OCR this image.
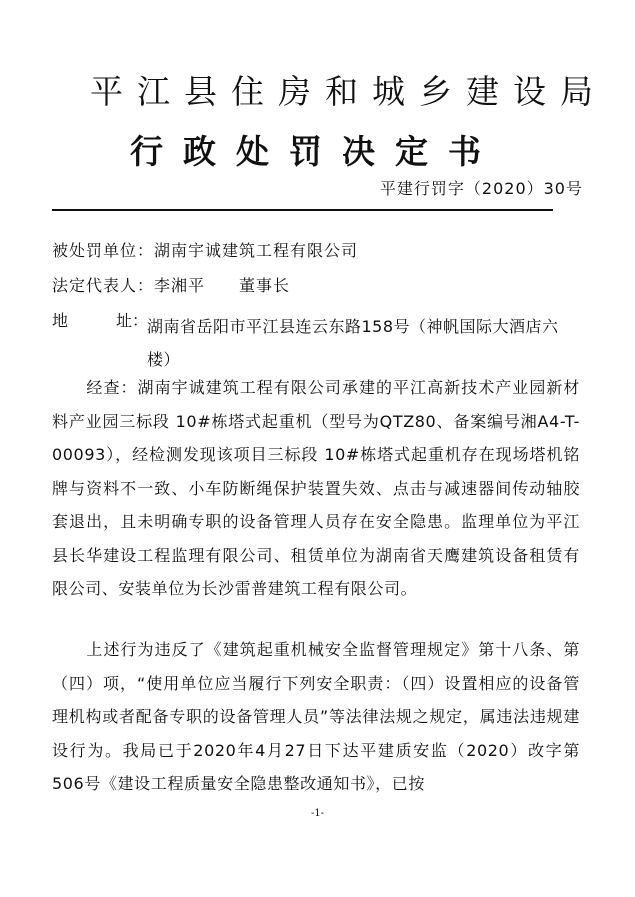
平江县住房和城乡建设局
行政处罚决定书
平建行罚字（2020）30号
被处罚单位：湖南宇诚建筑工程有限公司
法定代表人：李湘平 董事长
地	址：
湖南省岳阳市平江县连云东路158号（神帆国际大酒店六楼）
经查：湖南宇诚建筑工程有限公司承建的平江高新技术产业园新材料产业园三标段 10#栋塔式起重机（型号为QTZ80、备案编号湘A4-T-00093），经检测发现该项目三标段 10#栋塔式起重机存在现场塔机铭牌与资料不一致、小车防断绳保护装置失效、点击与减速器间传动轴胶套退出，且未明确专职的设备管理人员存在安全隐患。监理单位为平江县长华建设工程监理有限公司、租赁单位为湖南省天鹰建筑设备租赁有限公司、安装单位为长沙雷普建筑工程有限公司。
上述行为违反了《建筑起重机械安全监督管理规定》第十八条、第（四）项，“使用单位应当履行下列安全职责：（四）设置相应的设备管理机构或者配备专职的设备管理人员”等法律法规之规定，属违法违规建设行为。我局已于2020年4月27日下达平建质安监（2020）改字第506号《建设工程质量安全隐患整改通知书》，已按
-1-
